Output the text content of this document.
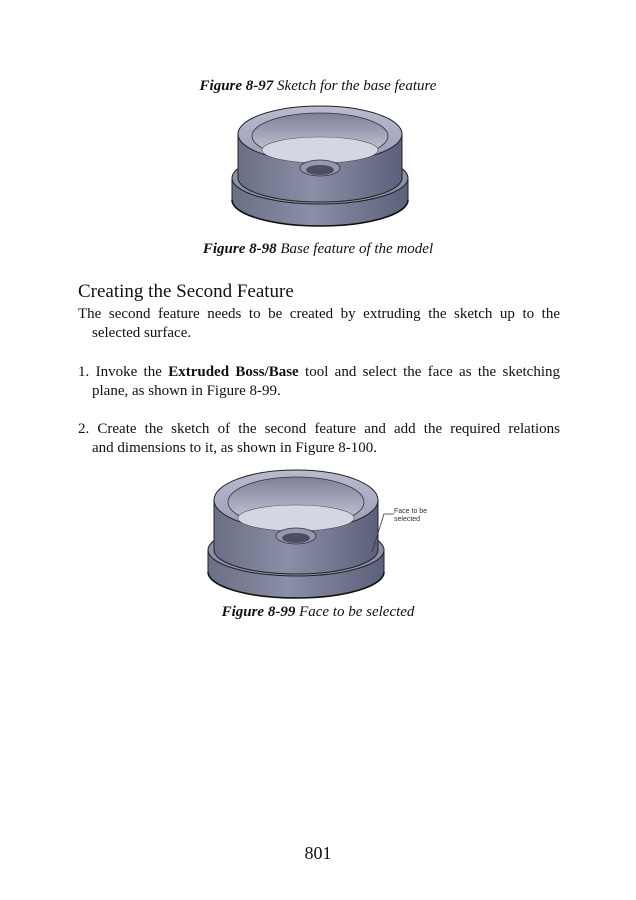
Figure 8-97 Sketch for the base feature
Figure 8-98 Base feature of the model
Creating the Second Feature

The second feature needs to be created by extruding the sketch up to the
selected surface.

1. Invoke the Extruded Boss/Base tool and select the face as the sketching
plane, as shown in Figure 8-99.

2. Create the sketch of the second feature and add the required relations
and dimensions to it, as shown in Figure 8-100.

Face to be
selected
Figure 8-99 Face to be selected
801
